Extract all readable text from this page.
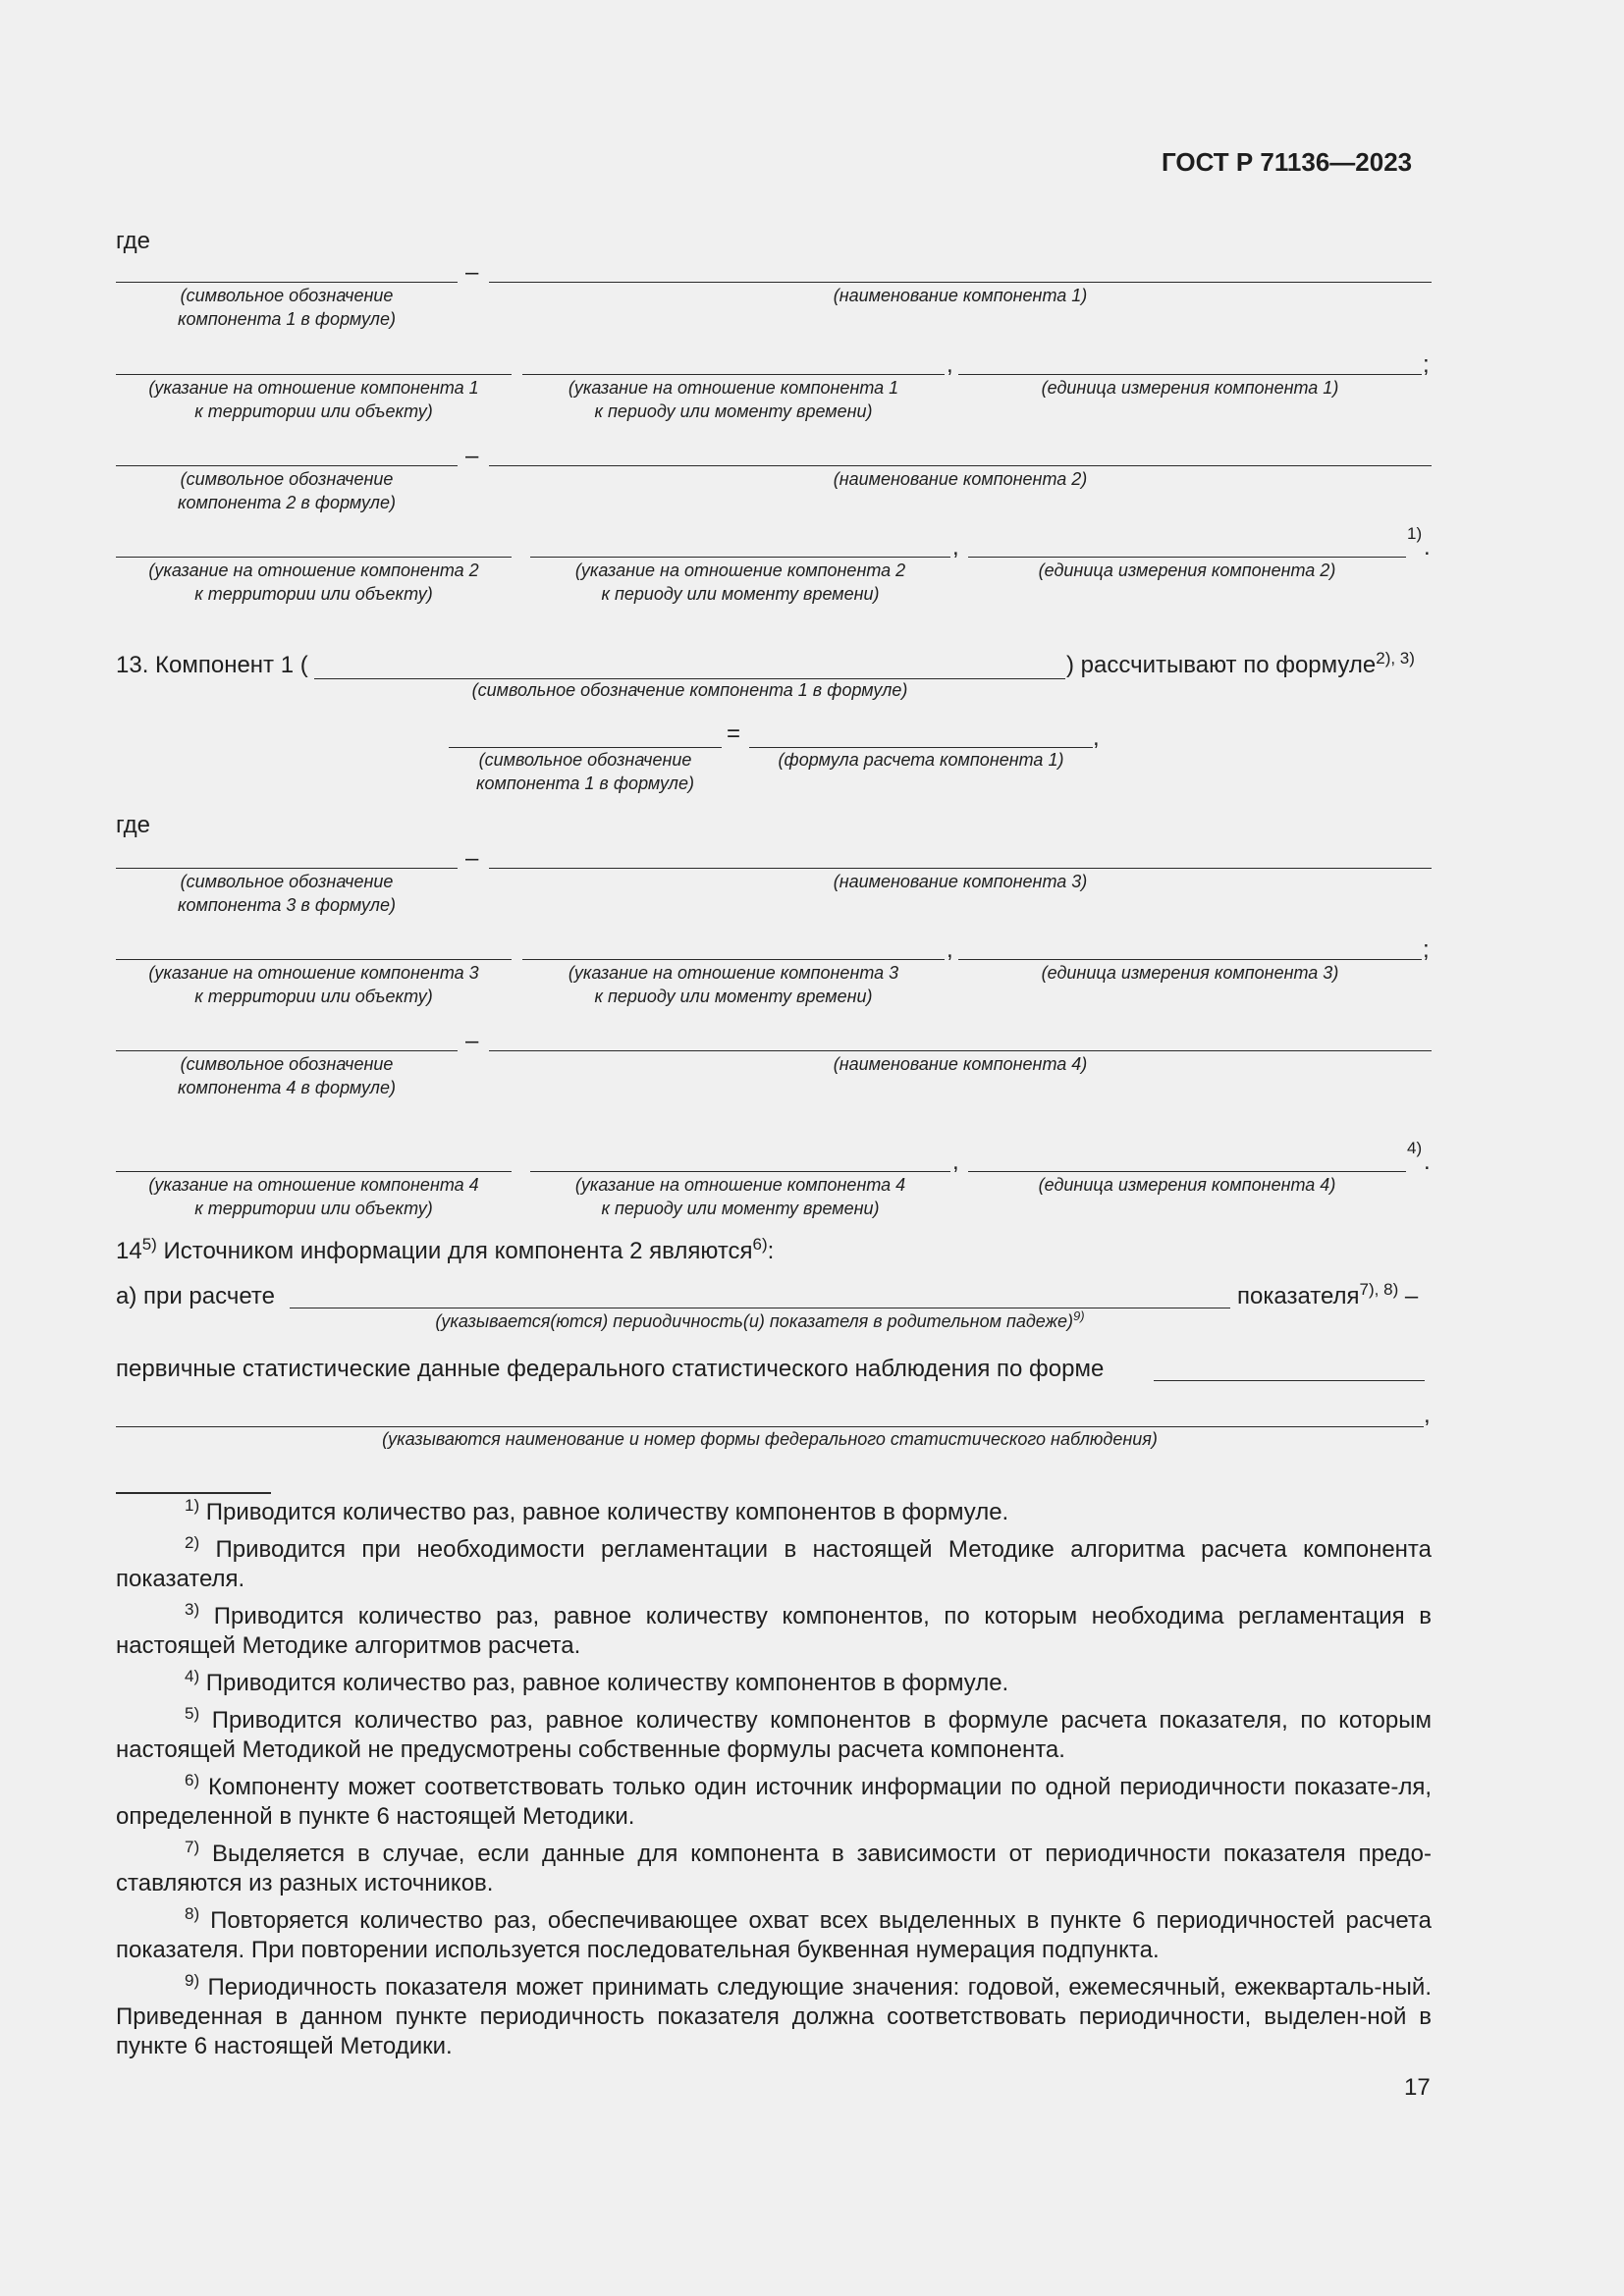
ГОСТ Р 71136—2023
где
–
(символьное обозначение
компонента 1 в формуле)
(наименование компонента 1)
,	;
(указание на отношение компонента 1
к территории или объекту)
(указание на отношение компонента 1
к периоду или моменту времени)
(единица измерения компонента 1)
–
(символьное обозначение
компонента 2 в формуле)
(наименование компонента 2)
,
1)
.
(указание на отношение компонента 2
к территории или объекту)
(указание на отношение компонента 2
к периоду или моменту времени)
(единица измерения компонента 2)
13. Компонент 1 (	) рассчитывают по формуле$^{2), 3)}$
(символьное обозначение компонента 1 в формуле)
=	,
(символьное обозначение
компонента 1 в формуле)
(формула расчета компонента 1)
где
–
(символьное обозначение
компонента 3 в формуле)
(наименование компонента 3)
,	;
(указание на отношение компонента 3
к территории или объекту)
(указание на отношение компонента 3
к периоду или моменту времени)
(единица измерения компонента 3)
–
(символьное обозначение
компонента 4 в формуле)
(наименование компонента 4)
,
4)
.
(указание на отношение компонента 4
к территории или объекту)
(указание на отношение компонента 4
к периоду или моменту времени)
(единица измерения компонента 4)
14$^{5)}$ Источником информации для компонента 2 являются$^{6)}$:
а) при расчете	показателя$^{7), 8)}$ –
(указывается(ются) периодичность(и) показателя в родительном падеже)$^{9)}$
первичные статистические данные федерального статистического наблюдения по форме
,
(указываются наименование и номер формы федерального статистического наблюдения)
$^{1)}$ Приводится количество раз, равное количеству компонентов в формуле.
$^{2)}$ Приводится при необходимости регламентации в настоящей Методике алгоритма расчета компонента показателя.
$^{3)}$ Приводится количество раз, равное количеству компонентов, по которым необходима регламентация в настоящей Методике алгоритмов расчета.
$^{4)}$ Приводится количество раз, равное количеству компонентов в формуле.
$^{5)}$ Приводится количество раз, равное количеству компонентов в формуле расчета показателя, по которым настоящей Методикой не предусмотрены собственные формулы расчета компонента.
$^{6)}$ Компоненту может соответствовать только один источник информации по одной периодичности показате-ля, определенной в пункте 6 настоящей Методики.
$^{7)}$ Выделяется в случае, если данные для компонента в зависимости от периодичности показателя предо-ставляются из разных источников.
$^{8)}$ Повторяется количество раз, обеспечивающее охват всех выделенных в пункте 6 периодичностей расчета показателя. При повторении используется последовательная буквенная нумерация подпункта.
$^{9)}$ Периодичность показателя может принимать следующие значения: годовой, ежемесячный, ежекварталь-ный. Приведенная в данном пункте периодичность показателя должна соответствовать периодичности, выделен-ной в пункте 6 настоящей Методики.
17
